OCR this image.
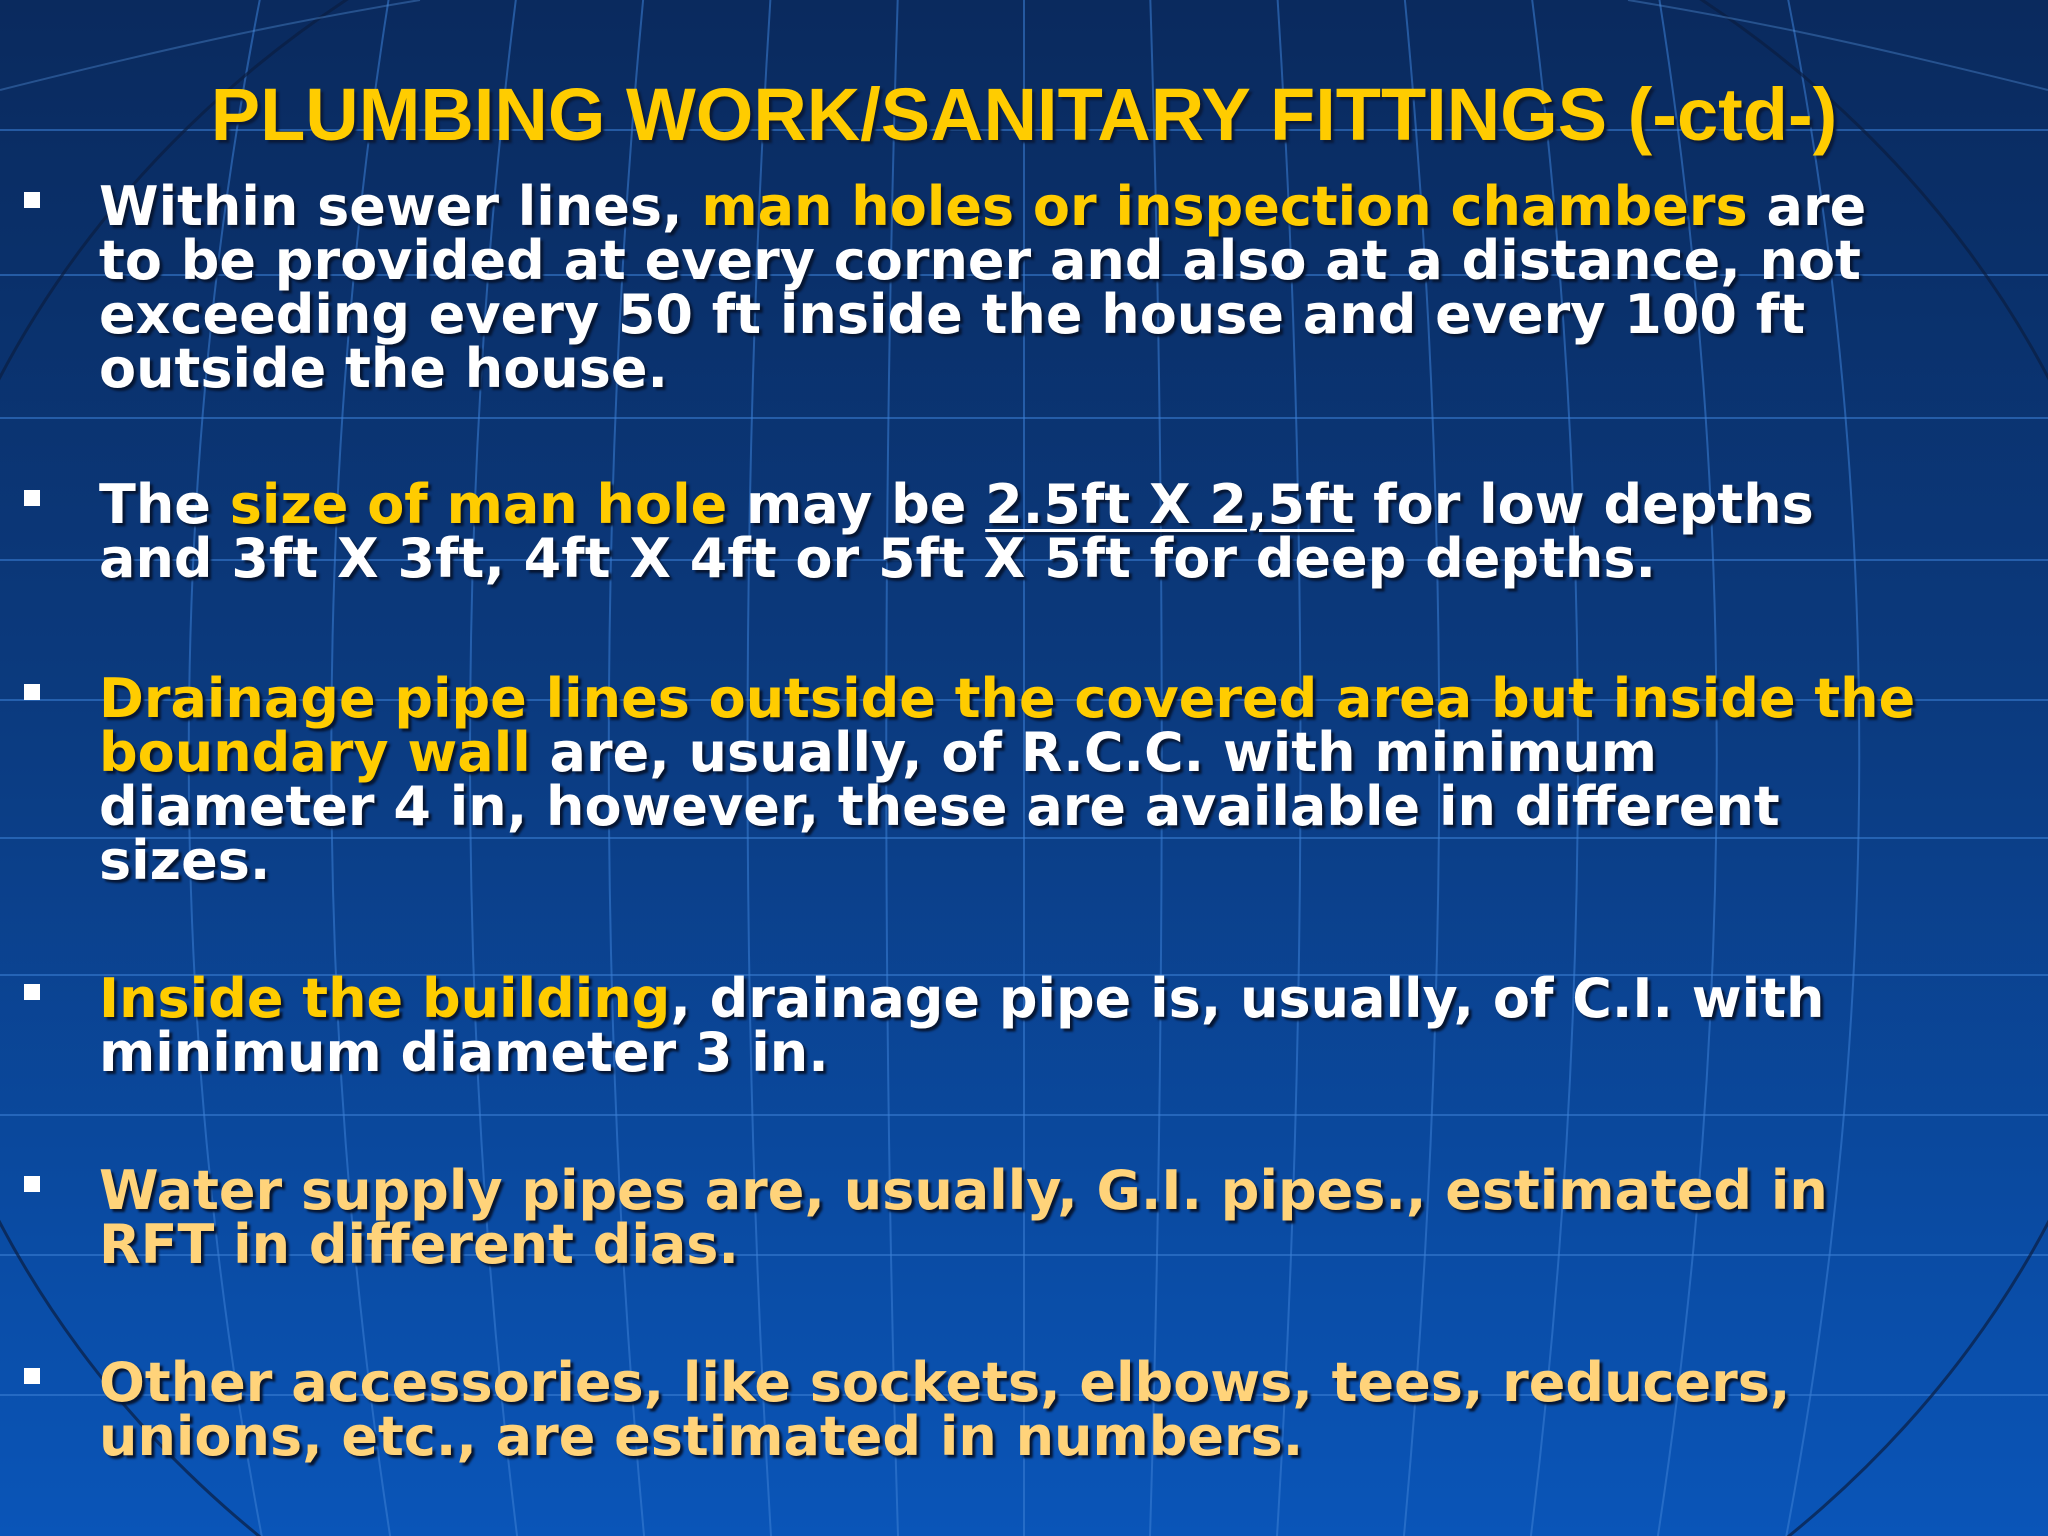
PLUMBING WORK/SANITARY FITTINGS (-ctd-)

Within sewer lines, man holes or inspection chambers are
to be provided at every corner and also at a distance, not
exceeding every 50 ft inside the house and every 100 ft
outside the house.

The size of man hole may be 2.5ft X 2,5ft for low depths
and 3ft X 3ft, 4ft X 4ft or 5ft X 5ft for deep depths.

Drainage pipe lines outside the covered area but inside the
boundary wall are, usually, of R.C.C. with minimum
diameter 4 in, however, these are available in different
sizes.

Inside the building, drainage pipe is, usually, of C.I. with
minimum diameter 3 in.

Water supply pipes are, usually, G.I. pipes., estimated in
RFT in different dias.

Other accessories, like sockets, elbows, tees, reducers,
unions, etc., are estimated in numbers.
